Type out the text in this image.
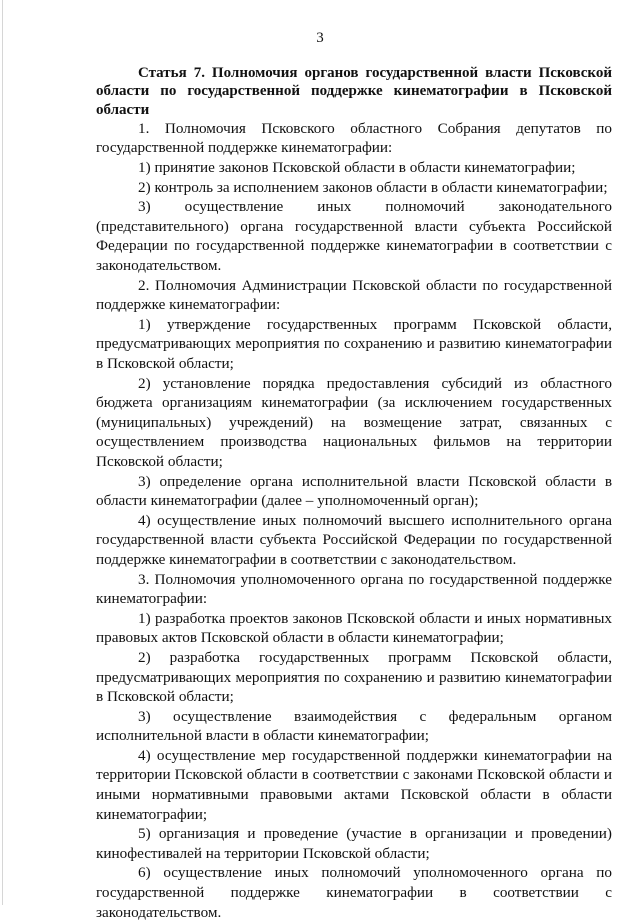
3

Статья 7. Полномочия органов государственной власти Псковской области по государственной поддержке кинематографии в Псковской области

1. Полномочия Псковского областного Собрания депутатов по государственной поддержке кинематографии:

1) принятие законов Псковской области в области кинематографии;

2) контроль за исполнением законов области в области кинематографии;

3) осуществление иных полномочий законодательного (представительного) органа государственной власти субъекта Российской Федерации по государственной поддержке кинематографии в соответствии с законодательством.

2. Полномочия Администрации Псковской области по государственной поддержке кинематографии:

1) утверждение государственных программ Псковской области, предусматривающих мероприятия по сохранению и развитию кинематографии в Псковской области;

2) установление порядка предоставления субсидий из областного бюджета организациям кинематографии (за исключением государственных (муниципальных) учреждений) на возмещение затрат, связанных с осуществлением производства национальных фильмов на территории Псковской области;

3) определение органа исполнительной власти Псковской области в области кинематографии (далее – уполномоченный орган);

4) осуществление иных полномочий высшего исполнительного органа государственной власти субъекта Российской Федерации по государственной поддержке кинематографии в соответствии с законодательством.

3. Полномочия уполномоченного органа по государственной поддержке кинематографии:

1) разработка проектов законов Псковской области и иных нормативных правовых актов Псковской области в области кинематографии;

2) разработка государственных программ Псковской области, предусматривающих мероприятия по сохранению и развитию кинематографии в Псковской области;

3) осуществление взаимодействия с федеральным органом исполнительной власти в области кинематографии;

4) осуществление мер государственной поддержки кинематографии на территории Псковской области в соответствии с законами Псковской области и иными нормативными правовыми актами Псковской области в области кинематографии;

5) организация и проведение (участие в организации и проведении) кинофестивалей на территории Псковской области;

6) осуществление иных полномочий уполномоченного органа по государственной поддержке кинематографии в соответствии с законодательством.
